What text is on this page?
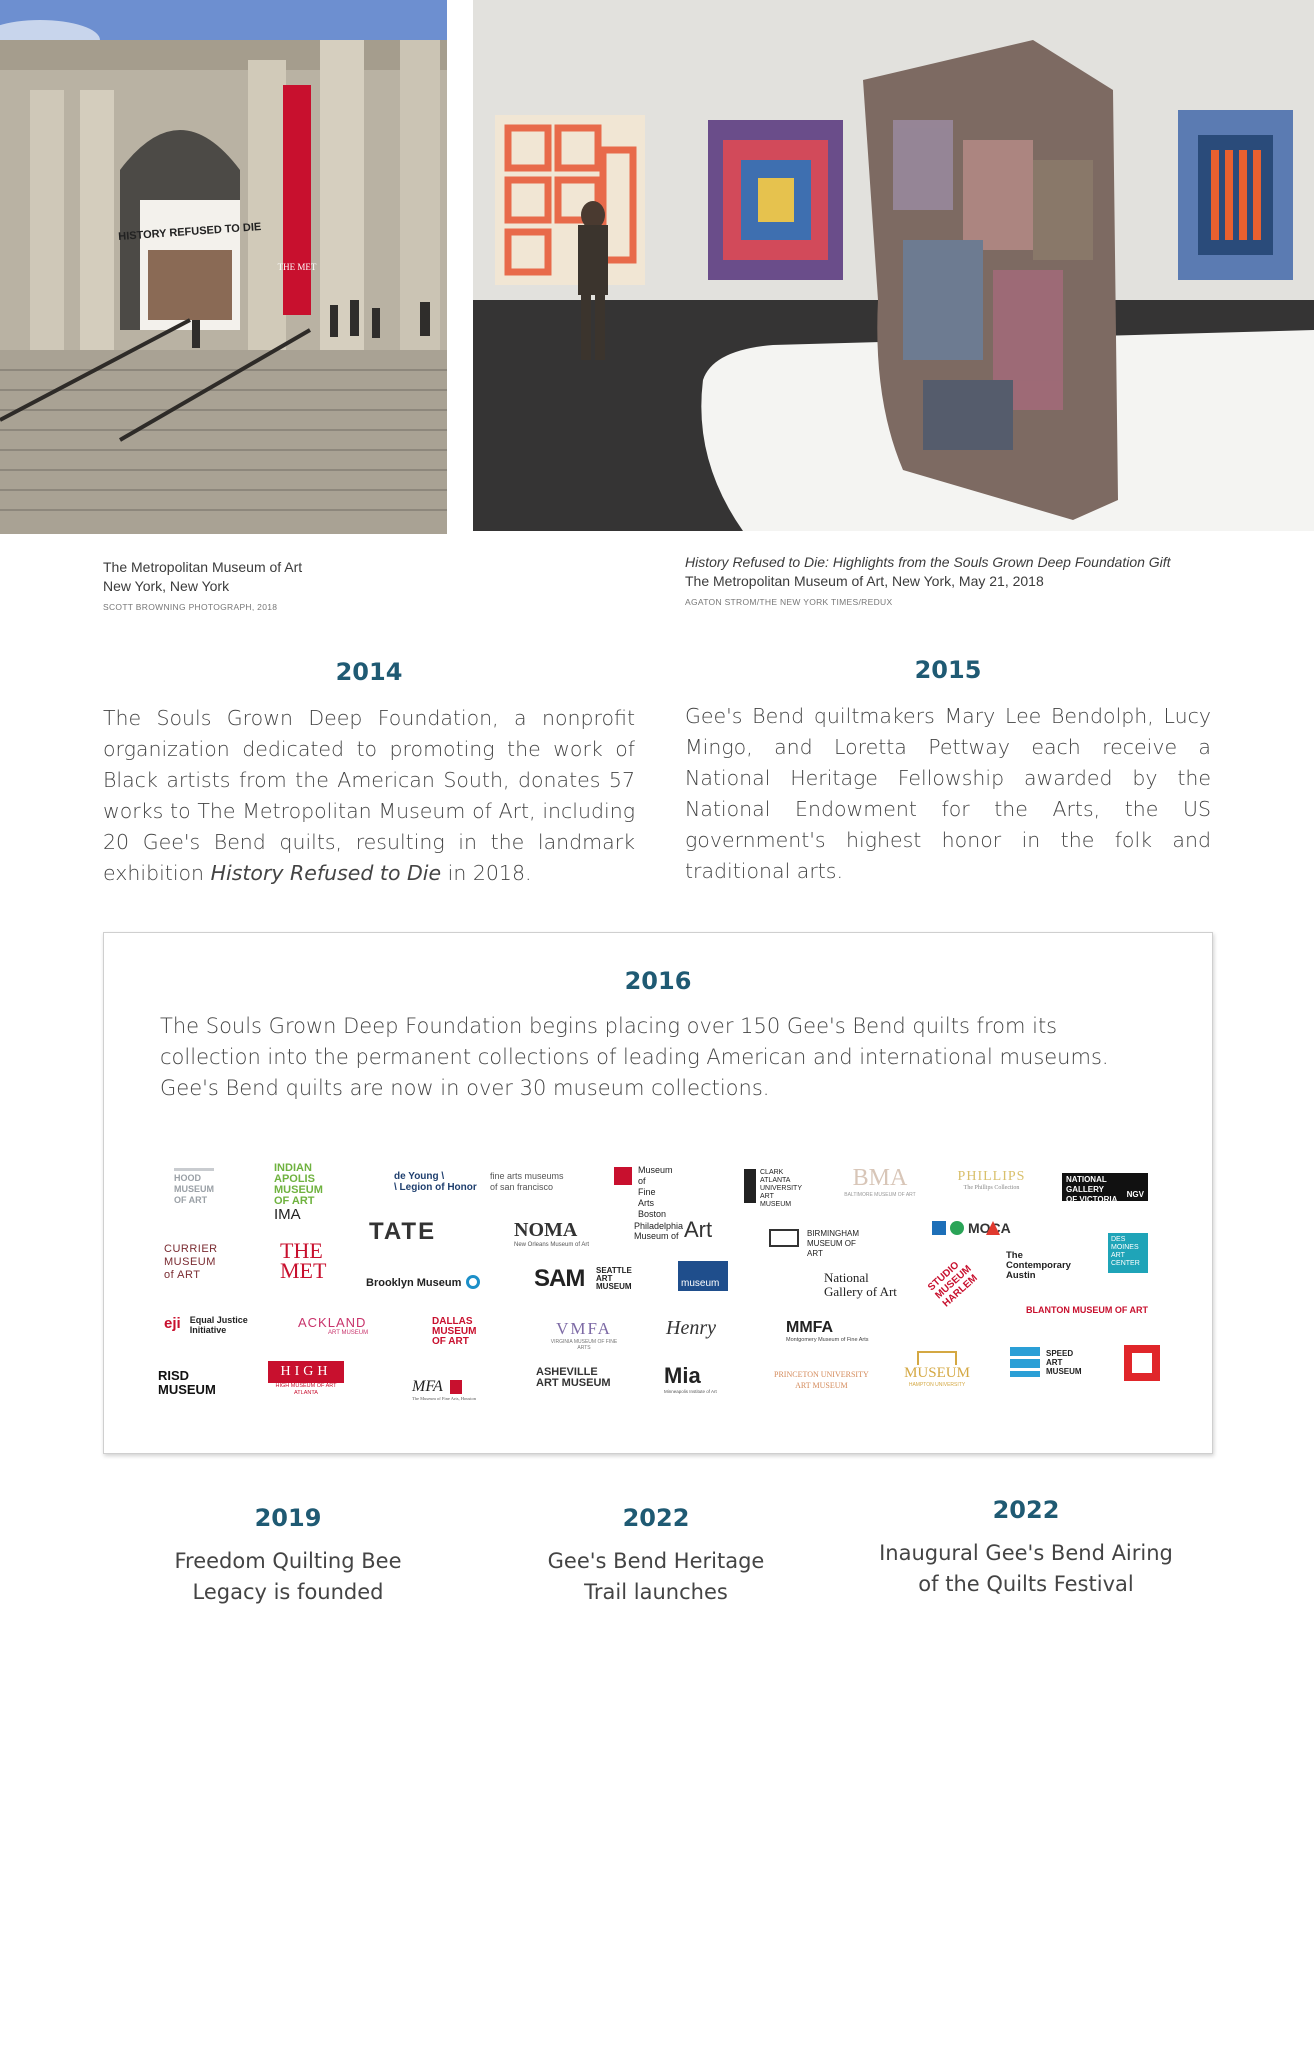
HISTORY REFUSED TO DIE
THE MET
The Metropolitan Museum of Art
New York, New York
SCOTT BROWNING PHOTOGRAPH, 2018
History Refused to Die: Highlights from the Souls Grown Deep Foundation Gift
The Metropolitan Museum of Art, New York, May 21, 2018
AGATON STROM/THE NEW YORK TIMES/REDUX
2014
The Souls Grown Deep Foundation, a nonprofit organization dedicated to promoting the work of Black artists from the American South, donates 57 works to The Metropolitan Museum of Art, including 20 Gee's Bend quilts, resulting in the landmark exhibition History Refused to Die in 2018.
2015
Gee's Bend quiltmakers Mary Lee Bendolph, Lucy Mingo, and Loretta Pettway each receive a National Heritage Fellowship awarded by the National Endowment for the Arts, the US government's highest honor in the folk and traditional arts.
2016
The Souls Grown Deep Foundation begins placing over 150 Gee's Bend quilts from its collection into the permanent collections of leading American and international museums. Gee's Bend quilts are now in over 30 museum collections.
HOOD
MUSEUM
OF ART
INDIAN
APOLIS
MUSEUM
OF ART
IMA
de Young \
\ Legion of Honor
fine arts museums
of san francisco
Museum of
Fine Arts Boston
CLARK
ATLANTA
UNIVERSITY
ART MUSEUM
BMA
BALTIMORE MUSEUM OF ART
PHILLIPS
The Phillips Collection
NATIONAL GALLERY
OF VICTORIA
NGV
TATE	NOMA
New Orleans Museum of Art
Philadelphia
Museum of Art	BIRMINGHAM
MUSEUM OF ART
MOCA
DES
MOINES
ART
CENTER
CURRIER
MUSEUM
of ART
THE
MET	Brooklyn Museum	SAM SEATTLE
ART
MUSEUM	museum	National
Gallery of Art
The
Contemporary
Austin
eji Equal Justice
Initiative	ACKLAND
ART MUSEUM
DALLAS
MUSEUM
OF ART
VMFA
VIRGINIA MUSEUM OF FINE ARTS
Henry	MMFA
Montgomery Museum of Fine Arts
STUDIO
MUSEUM
HARLEM
BLANTON MUSEUM OF ART
RISD
MUSEUM
HIGH
HIGH MUSEUM OF ART
ATLANTA	MFA
The Museum of Fine Arts, Houston
ASHEVILLE
ART MUSEUM Mia
Minneapolis Institute of Art
PRINCETON UNIVERSITY
ART MUSEUM
MUSEUM
HAMPTON UNIVERSITY
SPEED
ART
MUSEUM
2019
Freedom Quilting Bee
Legacy is founded
2022
Gee's Bend Heritage
Trail launches
2022
Inaugural Gee's Bend Airing
of the Quilts Festival
